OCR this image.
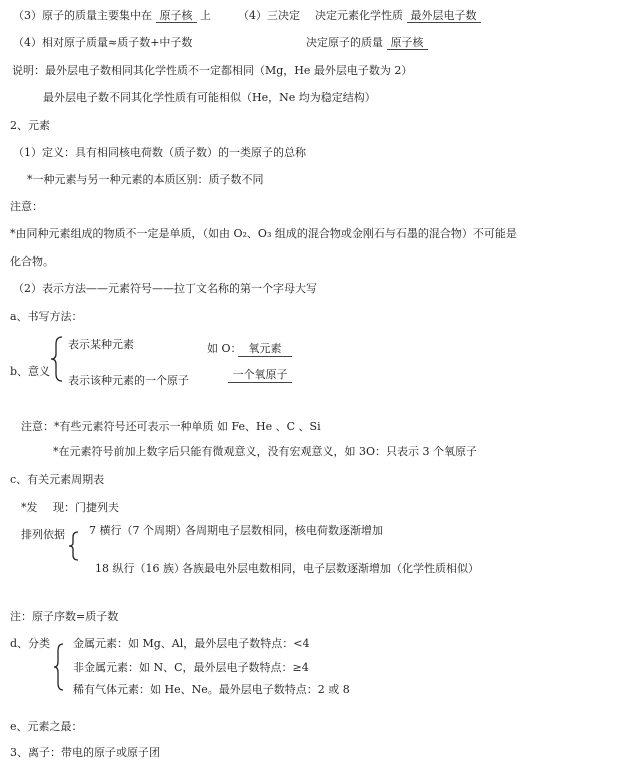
（3）原子的质量主要集中在 原子核 上 （4）三决定 决定元素化学性质 最外层电子数
（4）相对原子质量≈质子数+中子数	决定原子的质量 原子核
说明：最外层电子数相同其化学性质不一定都相同（Mg，He 最外层电子数为 2）
最外层电子数不同其化学性质有可能相似（He，Ne 均为稳定结构）
2、元素
（1）定义：具有相同核电荷数（质子数）的一类原子的总称
*一种元素与另一种元素的本质区别：质子数不同
注意：
*由同种元素组成的物质不一定是单质，（如由 O₂、O₃ 组成的混合物或金刚石与石墨的混合物）不可能是
化合物。
（2）表示方法——元素符号——拉丁文名称的第一个字母大写
a、书写方法：
b、意义
表示某种元素
表示该种元素的一个原子
如 O： 氧元素
一个氧原子
注意：*有些元素符号还可表示一种单质 如 Fe、He 、C 、Si
*在元素符号前加上数字后只能有微观意义，没有宏观意义，如 3O：只表示 3 个氧原子
c、有关元素周期表
*发 现：门捷列夫
排列依据 7 横行（7 个周期）
各周期电子层数相同，核电荷数逐渐增加
18 纵行（16 族）
各族最电外层电数相同，电子层数逐渐增加（化学性质相似）
注：原子序数=质子数
d、分类 金属元素：如 Mg、Al，最外层电子数特点：<4
非金属元素：如 N、C，最外层电子数特点：≥4
稀有气体元素：如 He、Ne。最外层电子数特点：2 或 8
e、元素之最：
3、离子：带电的原子或原子团
